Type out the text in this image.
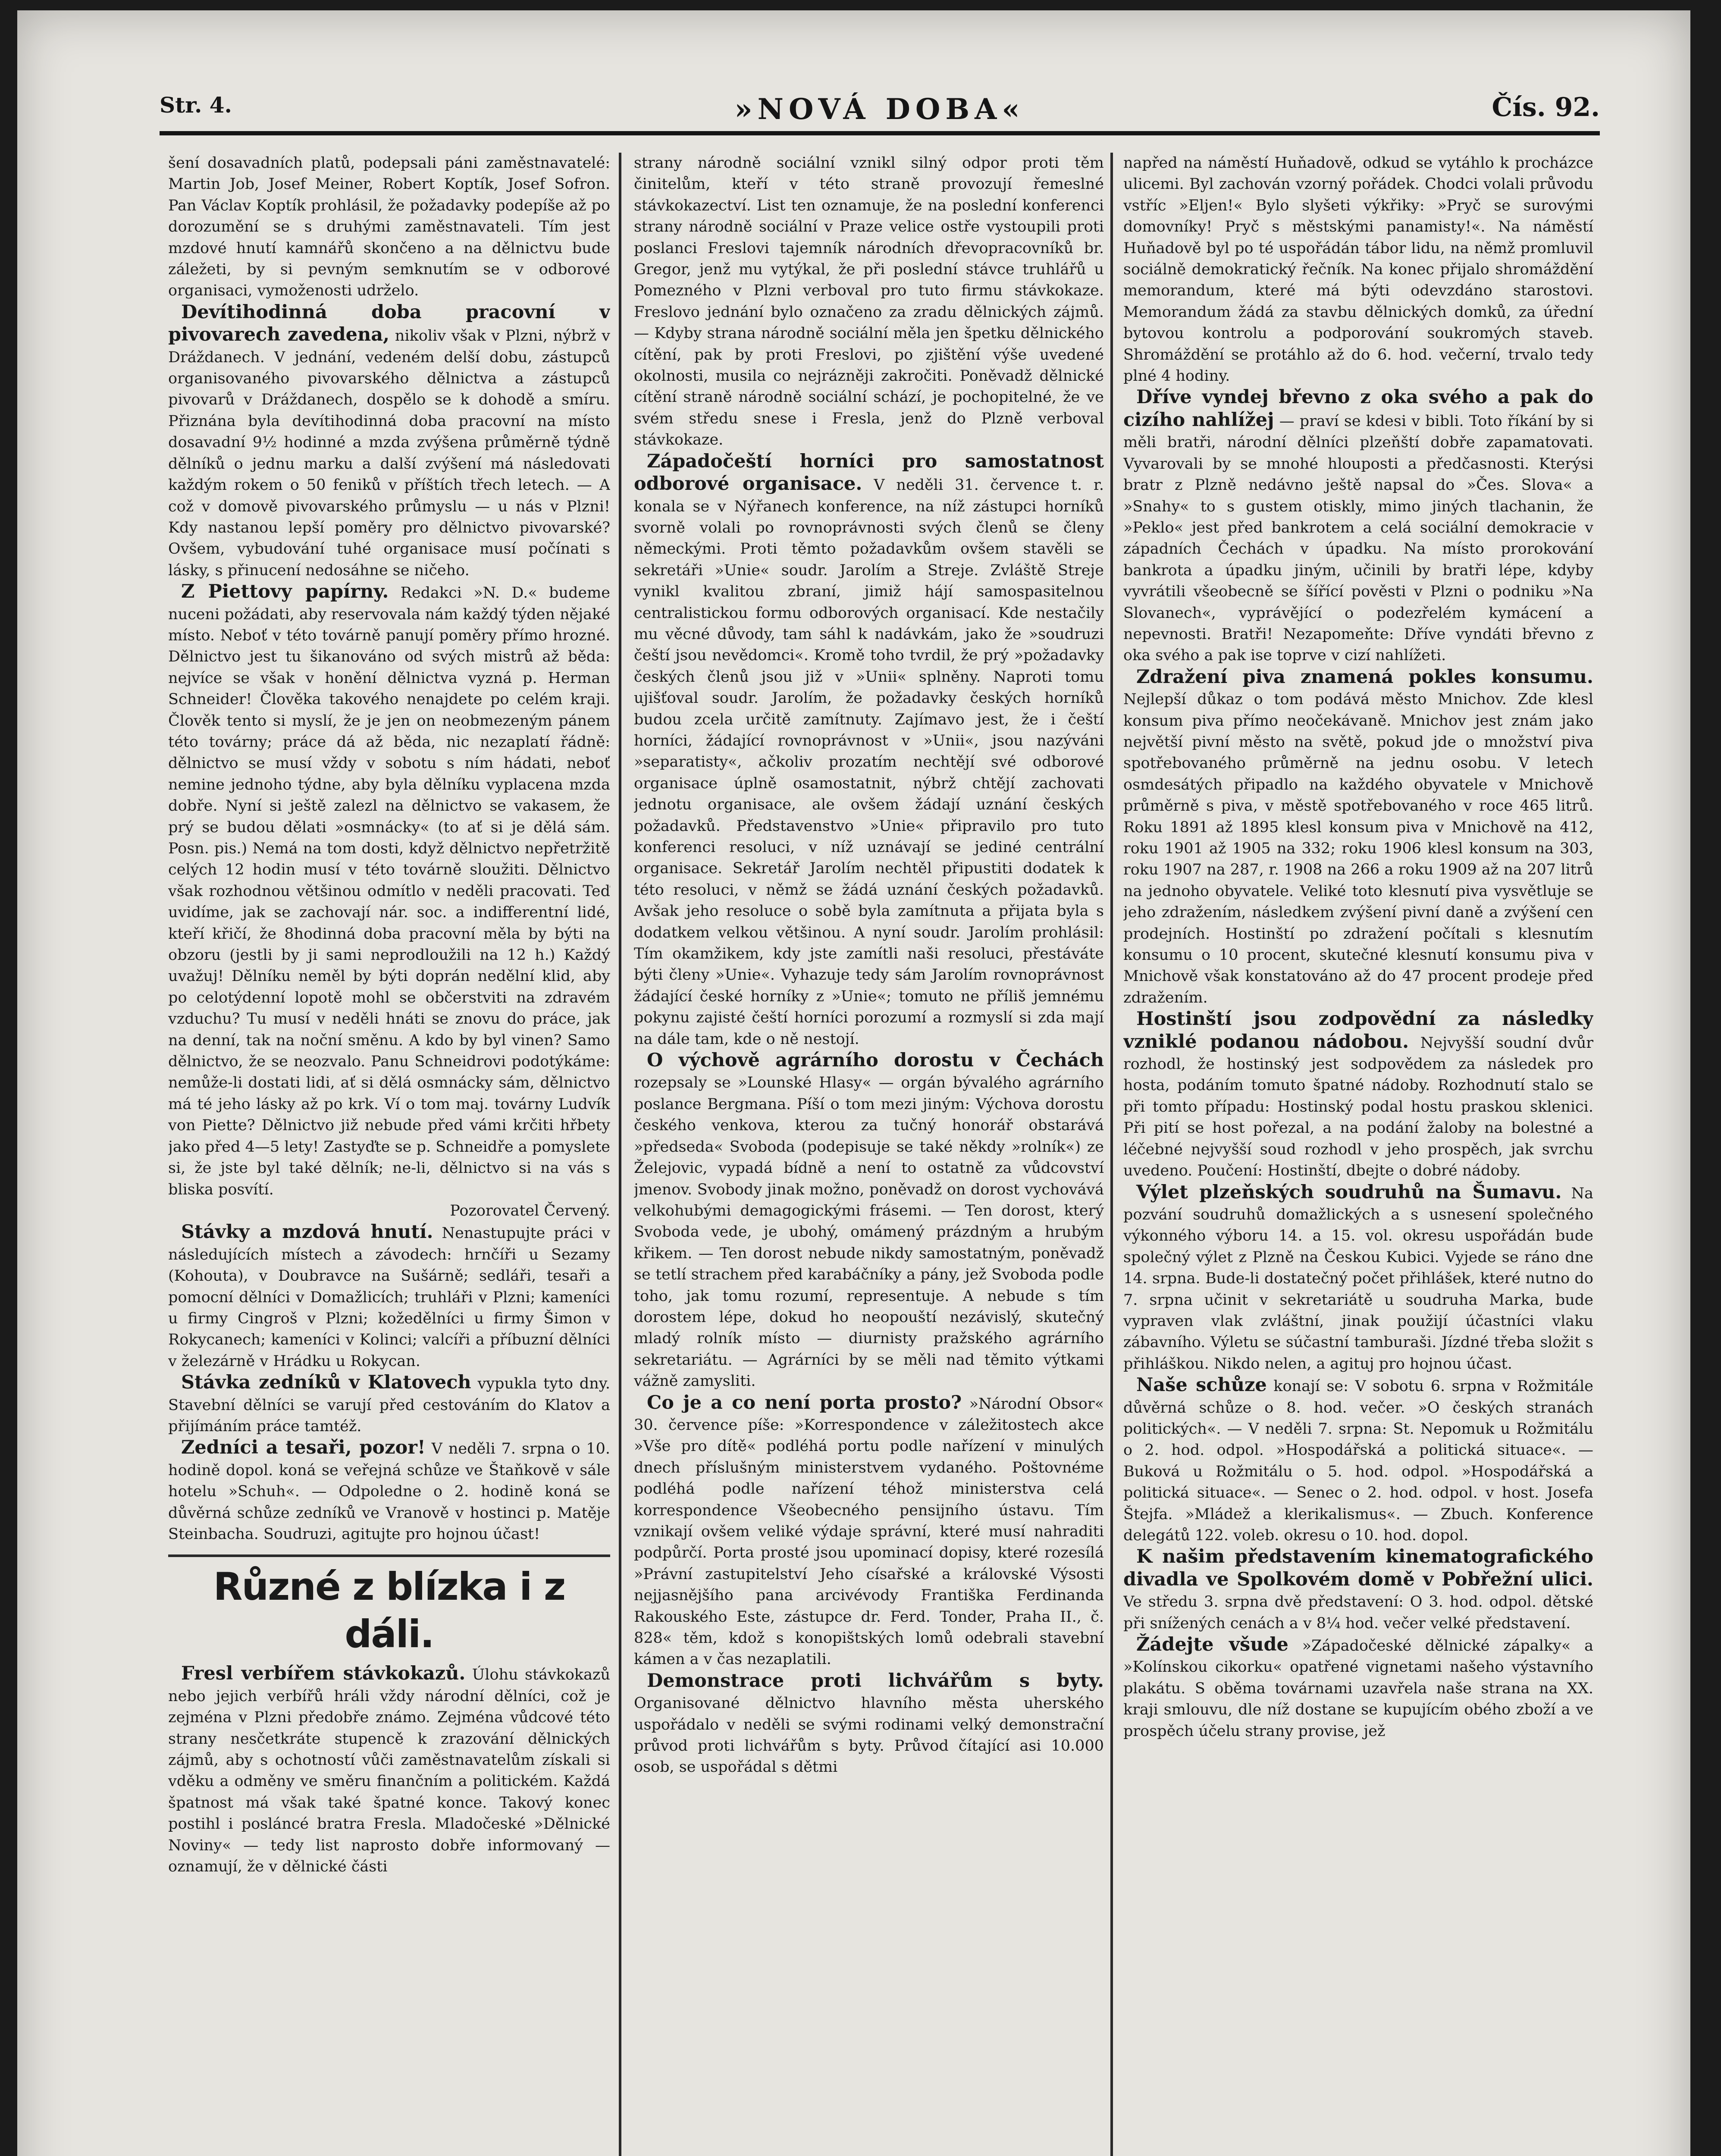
Str. 4.	»NOVÁ DOBA«	Čís. 92.

šení dosavadních platů, podepsali páni zaměstnavatelé: Martin Job, Josef Meiner, Robert Koptík, Josef Sofron. Pan Václav Koptík prohlásil, že požadavky podepíše až po dorozumění se s druhými zaměstnavateli. Tím jest mzdové hnutí kamnářů skončeno a na dělnictvu bude záležeti, by si pevným semknutím se v odborové organisaci, vymoženosti udrželo.

Devítihodinná doba pracovní v pivovarech zavedena, nikoliv však v Plzni, nýbrž v Dráždanech. V jednání, vedeném delší dobu, zástupců organisovaného pivovarského dělnictva a zástupců pivovarů v Dráždanech, dospělo se k dohodě a smíru. Přiznána byla devítihodinná doba pracovní na místo dosavadní 9½ hodinné a mzda zvýšena průměrně týdně dělníků o jednu marku a další zvýšení má následovati každým rokem o 50 feniků v příštích třech letech. — A což v domově pivovarského průmyslu — u nás v Plzni! Kdy nastanou lepší poměry pro dělnictvo pivovarské? Ovšem, vybudování tuhé organisace musí počínati s lásky, s přinucení nedosáhne se ničeho.

Z Piettovy papírny. Redakci »N. D.« budeme nuceni požádati, aby reservovala nám každý týden nějaké místo. Neboť v této továrně panují poměry přímo hrozné. Dělnictvo jest tu šikanováno od svých mistrů až běda: nejvíce se však v honění dělnictva vyzná p. Herman Schneider! Člověka takového nenajdete po celém kraji. Člověk tento si myslí, že je jen on neobmezeným pánem této továrny; práce dá až běda, nic nezaplatí řádně: dělnictvo se musí vždy v sobotu s ním hádati, neboť nemine jednoho týdne, aby byla dělníku vyplacena mzda dobře. Nyní si ještě zalezl na dělnictvo se vakasem, že prý se budou dělati »osmnácky« (to ať si je dělá sám. Posn. pis.) Nemá na tom dosti, když dělnictvo nepřetržitě celých 12 hodin musí v této továrně sloužiti. Dělnictvo však rozhodnou většinou odmítlo v neděli pracovati. Teď uvidíme, jak se zachovají nár. soc. a indifferentní lidé, kteří křičí, že 8hodinná doba pracovní měla by býti na obzoru (jestli by ji sami neprodloužili na 12 h.) Každý uvažuj! Dělníku neměl by býti doprán nedělní klid, aby po celotýdenní lopotě mohl se občerstviti na zdravém vzduchu? Tu musí v neděli hnáti se znovu do práce, jak na denní, tak na noční směnu. A kdo by byl vinen? Samo dělnictvo, že se neozvalo. Panu Schneidrovi podotýkáme: nemůže-li dostati lidi, ať si dělá osmnácky sám, dělnictvo má té jeho lásky až po krk. Ví o tom maj. továrny Ludvík von Piette? Dělnictvo již nebude před vámi krčiti hřbety jako před 4—5 lety! Zastyďte se p. Schneidře a pomyslete si, že jste byl také dělník; ne-li, dělnictvo si na vás s bliska posvítí.

Pozorovatel Červený.

Stávky a mzdová hnutí. Nenastupujte práci v následujících místech a závodech: hrnčíři u Sezamy (Kohouta), v Doubravce na Sušárně; sedláři, tesaři a pomocní dělníci v Domažlicích; truhláři v Plzni; kameníci u firmy Cingroš v Plzni; kožedělníci u firmy Šimon v Rokycanech; kameníci v Kolinci; valcíři a příbuzní dělníci v železárně v Hrádku u Rokycan.

Stávka zedníků v Klatovech vypukla tyto dny. Stavební dělníci se varují před cestováním do Klatov a přijímáním práce tamtéž.

Zedníci a tesaři, pozor! V neděli 7. srpna o 10. hodině dopol. koná se veřejná schůze ve Štaňkově v sále hotelu »Schuh«. — Odpoledne o 2. hodině koná se důvěrná schůze zedníků ve Vranově v hostinci p. Matěje Steinbacha. Soudruzi, agitujte pro hojnou účast!

Různé z blízka i z dáli.

Fresl verbířem stávkokazů. Úlohu stávkokazů nebo jejich verbířů hráli vždy národní dělníci, což je zejména v Plzni předobře známo. Zejména vůdcové této strany nesčetkráte stupencě k zrazování dělnických zájmů, aby s ochotností vůči zaměstnavatelům získali si vděku a odměny ve směru finančním a politickém. Každá špatnost má však také špatné konce. Takový konec postihl i posláncé bratra Fresla. Mladočeské »Dělnické Noviny« — tedy list naprosto dobře informovaný — oznamují, že v dělnické části

strany národně sociální vznikl silný odpor proti těm činitelům, kteří v této straně provozují řemeslné stávkokazectví. List ten oznamuje, že na poslední konferenci strany národně sociální v Praze velice ostře vystoupili proti poslanci Freslovi tajemník národních dřevopracovníků br. Gregor, jenž mu vytýkal, že při poslední stávce truhlářů u Pomezného v Plzni verboval pro tuto firmu stávkokaze. Freslovo jednání bylo označeno za zradu dělnických zájmů. — Kdyby strana národně sociální měla jen špetku dělnického cítění, pak by proti Freslovi, po zjištění výše uvedené okolnosti, musila co nejrázněji zakročiti. Poněvadž dělnické cítění straně národně sociální schází, je pochopitelné, že ve svém středu snese i Fresla, jenž do Plzně verboval stávkokaze.

Západočeští horníci pro samostatnost odborové organisace. V neděli 31. července t. r. konala se v Nýřanech konference, na níž zástupci horníků svorně volali po rovnoprávnosti svých členů se členy německými. Proti těmto požadavkům ovšem stavěli se sekretáři »Unie« soudr. Jarolím a Streje. Zvláště Streje vynikl kvalitou zbraní, jimiž hájí samospasitelnou centralistickou formu odborových organisací. Kde nestačily mu věcné důvody, tam sáhl k nadávkám, jako že »soudruzi čeští jsou nevědomci«. Kromě toho tvrdil, že prý »požadavky českých členů jsou již v »Unii« splněny. Naproti tomu ujišťoval soudr. Jarolím, že požadavky českých horníků budou zcela určitě zamítnuty. Zajímavo jest, že i čeští horníci, žádající rovnoprávnost v »Unii«, jsou nazýváni »separatisty«, ačkoliv prozatím nechtějí své odborové organisace úplně osamostatnit, nýbrž chtějí zachovati jednotu organisace, ale ovšem žádají uznání českých požadavků. Představenstvo »Unie« připravilo pro tuto konferenci resoluci, v níž uznávají se jediné centrální organisace. Sekretář Jarolím nechtěl připustiti dodatek k této resoluci, v němž se žádá uznání českých požadavků. Avšak jeho resoluce o sobě byla zamítnuta a přijata byla s dodatkem velkou většinou. A nyní soudr. Jarolím prohlásil: Tím okamžikem, kdy jste zamítli naši resoluci, přestáváte býti členy »Unie«. Vyhazuje tedy sám Jarolím rovnoprávnost žádající české horníky z »Unie«; tomuto ne příliš jemnému pokynu zajisté čeští horníci porozumí a rozmyslí si zda mají na dále tam, kde o ně nestojí.

O výchově agrárního dorostu v Čechách rozepsaly se »Lounské Hlasy« — orgán bývalého agrárního poslance Bergmana. Píší o tom mezi jiným: Výchova dorostu českého venkova, kterou za tučný honorář obstarává »předseda« Svoboda (podepisuje se také někdy »rolník«) ze Želejovic, vypadá bídně a není to ostatně za vůdcovství jmenov. Svobody jinak možno, poněvadž on dorost vychovává velkohubými demagogickými frásemi. — Ten dorost, který Svoboda vede, je ubohý, omámený prázdným a hrubým křikem. — Ten dorost nebude nikdy samostatným, poněvadž se tetlí strachem před karabáčníky a pány, jež Svoboda podle toho, jak tomu rozumí, representuje. A nebude s tím dorostem lépe, dokud ho neopouští nezávislý, skutečný mladý rolník místo — diurnisty pražského agrárního sekretariátu. — Agrárníci by se měli nad těmito výtkami vážně zamysliti.

Co je a co není porta prosto? »Národní Obsor« 30. července píše: »Korrespondence v záležitostech akce »Vše pro dítě« podléhá portu podle nařízení v minulých dnech příslušným ministerstvem vydaného. Poštovnéme podléhá podle nařízení téhož ministerstva celá korrespondence Všeobecného pensijního ústavu. Tím vznikají ovšem veliké výdaje správní, které musí nahraditi podpůrčí. Porta prosté jsou upominací dopisy, které rozesílá »Právní zastupitelství Jeho císařské a královské Výsosti nejjasnějšího pana arcivévody Františka Ferdinanda Rakouského Este, zástupce dr. Ferd. Tonder, Praha II., č. 828« těm, kdož s konopištských lomů odebrali stavební kámen a v čas nezaplatili.

Demonstrace proti lichvářům s byty. Organisované dělnictvo hlavního města uherského uspořádalo v neděli se svými rodinami velký demonstrační průvod proti lichvářům s byty. Průvod čítající asi 10.000 osob, se uspořádal s dětmi

napřed na náměstí Huňadově, odkud se vytáhlo k procházce ulicemi. Byl zachován vzorný pořádek. Chodci volali průvodu vstříc »Eljen!« Bylo slyšeti výkřiky: »Pryč se surovými domovníky! Pryč s městskými panamisty!«. Na náměstí Huňadově byl po té uspořádán tábor lidu, na němž promluvil sociálně demokratický řečník. Na konec přijalo shromáždění memorandum, které má býti odevzdáno starostovi. Memorandum žádá za stavbu dělnických domků, za úřední bytovou kontrolu a podporování soukromých staveb. Shromáždění se protáhlo až do 6. hod. večerní, trvalo tedy plné 4 hodiny.

Dříve vyndej břevno z oka svého a pak do cizího nahlížej — praví se kdesi v bibli. Toto říkání by si měli bratři, národní dělníci plzeňští dobře zapamatovati. Vyvarovali by se mnohé hlouposti a předčasnosti. Kterýsi bratr z Plzně nedávno ještě napsal do »Čes. Slova« a »Snahy« to s gustem otiskly, mimo jiných tlachanin, že »Peklo« jest před bankrotem a celá sociální demokracie v západních Čechách v úpadku. Na místo prorokování bankrota a úpadku jiným, učinili by bratři lépe, kdyby vyvrátili všeobecně se šířící pověsti v Plzni o podniku »Na Slovanech«, vyprávějící o podezřelém kymácení a nepevnosti. Bratři! Nezapomeňte: Dříve vyndáti břevno z oka svého a pak ise toprve v cizí nahlížeti.

Zdražení piva znamená pokles konsumu. Nejlepší důkaz o tom podává město Mnichov. Zde klesl konsum piva přímo neočekávaně. Mnichov jest znám jako největší pivní město na světě, pokud jde o množství piva spotřebovaného průměrně na jednu osobu. V letech osmdesátých připadlo na každého obyvatele v Mnichově průměrně s piva, v městě spotřebovaného v roce 465 litrů. Roku 1891 až 1895 klesl konsum piva v Mnichově na 412, roku 1901 až 1905 na 332; roku 1906 klesl konsum na 303, roku 1907 na 287, r. 1908 na 266 a roku 1909 až na 207 litrů na jednoho obyvatele. Veliké toto klesnutí piva vysvětluje se jeho zdražením, následkem zvýšení pivní daně a zvýšení cen prodejních. Hostinští po zdražení počítali s klesnutím konsumu o 10 procent, skutečné klesnutí konsumu piva v Mnichově však konstatováno až do 47 procent prodeje před zdražením.

Hostinští jsou zodpovědní za následky vzniklé podanou nádobou. Nejvyšší soudní dvůr rozhodl, že hostinský jest sodpovědem za následek pro hosta, podáním tomuto špatné nádoby. Rozhodnutí stalo se při tomto případu: Hostinský podal hostu praskou sklenici. Při pití se host pořezal, a na podání žaloby na bolestné a léčebné nejvyšší soud rozhodl v jeho prospěch, jak svrchu uvedeno. Poučení: Hostinští, dbejte o dobré nádoby.

Výlet plzeňských soudruhů na Šumavu. Na pozvání soudruhů domažlických a s usnesení společného výkonného výboru 14. a 15. vol. okresu uspořádán bude společný výlet z Plzně na Českou Kubici. Vyjede se ráno dne 14. srpna. Bude-li dostatečný počet přihlášek, které nutno do 7. srpna učinit v sekretariátě u soudruha Marka, bude vypraven vlak zvláštní, jinak použijí účastníci vlaku zábavního. Výletu se súčastní tamburaši. Jízdné třeba složit s přihláškou. Nikdo nelen, a agituj pro hojnou účast.

Naše schůze konají se: V sobotu 6. srpna v Rožmitále důvěrná schůze o 8. hod. večer. »O českých stranách politických«. — V neděli 7. srpna: St. Nepomuk u Rožmitálu o 2. hod. odpol. »Hospodářská a politická situace«. — Buková u Rožmitálu o 5. hod. odpol. »Hospodářská a politická situace«. — Senec o 2. hod. odpol. v host. Josefa Štejfa. »Mládež a klerikalismus«. — Zbuch. Konference delegátů 122. voleb. okresu o 10. hod. dopol.

K našim představením kinematografického divadla ve Spolkovém domě v Pobřežní ulici. Ve středu 3. srpna dvě představení: O 3. hod. odpol. dětské při snížených cenách a v 8¼ hod. večer velké představení.

Žádejte všude »Západočeské dělnické zápalky« a »Kolínskou cikorku« opatřené vignetami našeho výstavního plakátu. S oběma továrnami uzavřela naše strana na XX. kraji smlouvu, dle níž dostane se kupujícím obého zboží a ve prospěch účelu strany provise, jež
